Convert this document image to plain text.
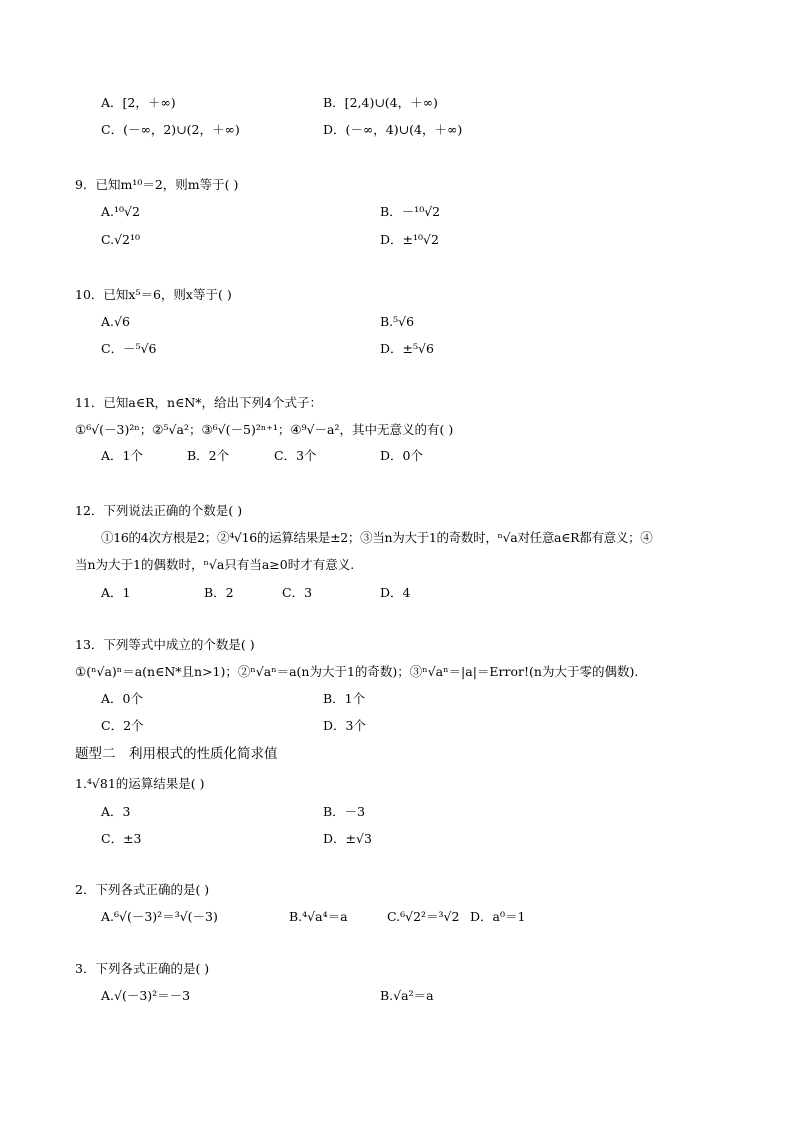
A．[2，＋∞)	B．[2,4)∪(4，＋∞)
C．(－∞，2)∪(2，＋∞)	D．(－∞，4)∪(4，＋∞)
9．已知m¹⁰＝2，则m等于( )
A.¹⁰√2	B．－¹⁰√2
C.√2¹⁰	D．±¹⁰√2
10．已知x⁵＝6，则x等于( )
A.√6	B.⁵√6
C．－⁵√6	D．±⁵√6
11．已知a∈R，n∈N*，给出下列4个式子：
①⁶√(－3)²ⁿ；②⁵√a²；③⁶√(－5)²ⁿ⁺¹；④⁹√－a²，其中无意义的有( )
A．1个	B．2个	C．3个	D．0个
12．下列说法正确的个数是( )
①16的4次方根是2；②⁴√16的运算结果是±2；③当n为大于1的奇数时，ⁿ√a对任意a∈R都有意义；④
当n为大于1的偶数时，ⁿ√a只有当a≥0时才有意义.
A．1	B．2	C．3	D．4
13．下列等式中成立的个数是( )
①(ⁿ√a)ⁿ＝a(n∈N*且n>1)；②ⁿ√aⁿ＝a(n为大于1的奇数)；③ⁿ√aⁿ＝|a|＝Error!(n为大于零的偶数).
A．0个	B．1个
C．2个	D．3个
题型二　利用根式的性质化简求值
1.⁴√81的运算结果是( )
A．3	B．－3
C．±3	D．±√3
2．下列各式正确的是( )
A.⁶√(－3)²＝³√(－3)	B.⁴√a⁴＝a	C.⁶√2²＝³√2 D．a⁰＝1
3．下列各式正确的是( )
A.√(－3)²＝－3	B.√a²＝a
